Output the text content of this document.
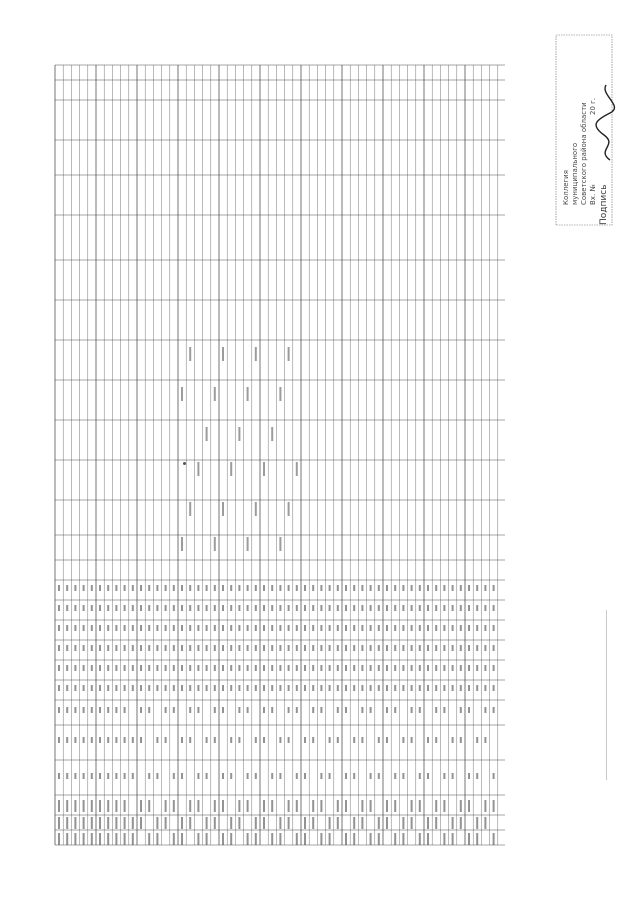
Коллегия муниципального Советского района области Вх. №
20 г.
Подпись
